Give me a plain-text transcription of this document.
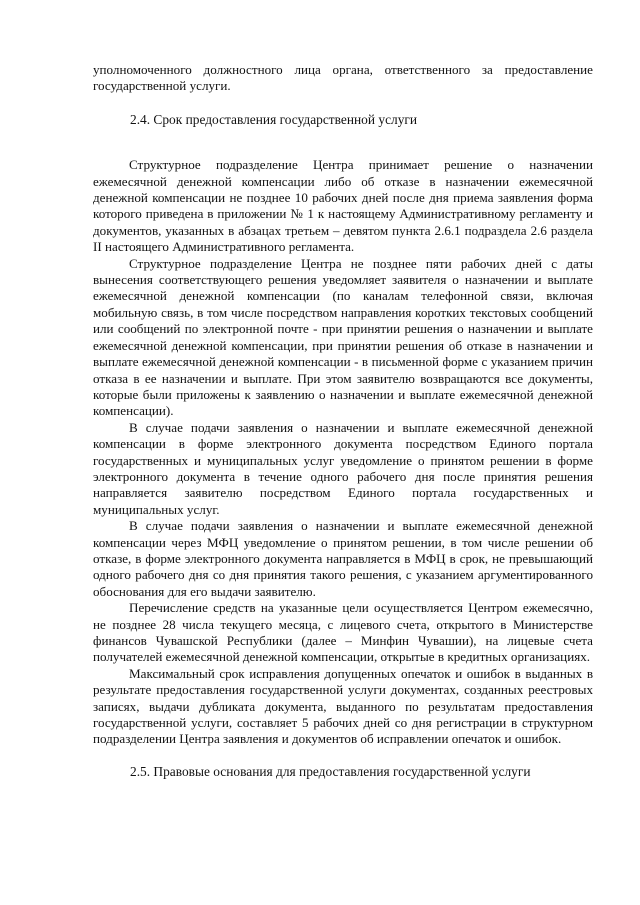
уполномоченного должностного лица органа, ответственного за предоставление государственной услуги.

2.4. Срок предоставления государственной услуги

Структурное подразделение Центра принимает решение о назначении ежемесячной денежной компенсации либо об отказе в назначении ежемесячной денежной компенсации не позднее 10 рабочих дней после дня приема заявления форма которого приведена в приложении № 1 к настоящему Административному регламенту и документов, указанных в абзацах третьем – девятом пункта 2.6.1 подраздела 2.6 раздела II настоящего Административного регламента.

Структурное подразделение Центра не позднее пяти рабочих дней с даты вынесения соответствующего решения уведомляет заявителя о назначении и выплате ежемесячной денежной компенсации (по каналам телефонной связи, включая мобильную связь, в том числе посредством направления коротких текстовых сообщений или сообщений по электронной почте - при принятии решения о назначении и выплате ежемесячной денежной компенсации, при принятии решения об отказе в назначении и выплате ежемесячной денежной компенсации - в письменной форме с указанием причин отказа в ее назначении и выплате. При этом заявителю возвращаются все документы, которые были приложены к заявлению о назначении и выплате ежемесячной денежной компенсации).

В случае подачи заявления о назначении и выплате ежемесячной денежной компенсации в форме электронного документа посредством Единого портала государственных и муниципальных услуг уведомление о принятом решении в форме электронного документа в течение одного рабочего дня после принятия решения направляется заявителю посредством Единого портала государственных и муниципальных услуг.

В случае подачи заявления о назначении и выплате ежемесячной денежной компенсации через МФЦ уведомление о принятом решении, в том числе решении об отказе, в форме электронного документа направляется в МФЦ в срок, не превышающий одного рабочего дня со дня принятия такого решения, с указанием аргументированного обоснования для его выдачи заявителю.

Перечисление средств на указанные цели осуществляется Центром ежемесячно, не позднее 28 числа текущего месяца, с лицевого счета, открытого в Министерстве финансов Чувашской Республики (далее – Минфин Чувашии), на лицевые счета получателей ежемесячной денежной компенсации, открытые в кредитных организациях.

Максимальный срок исправления допущенных опечаток и ошибок в выданных в результате предоставления государственной услуги документах, созданных реестровых записях, выдачи дубликата документа, выданного по результатам предоставления государственной услуги, составляет 5 рабочих дней со дня регистрации в структурном подразделении Центра заявления и документов об исправлении опечаток и ошибок.

2.5. Правовые основания для предоставления государственной услуги
